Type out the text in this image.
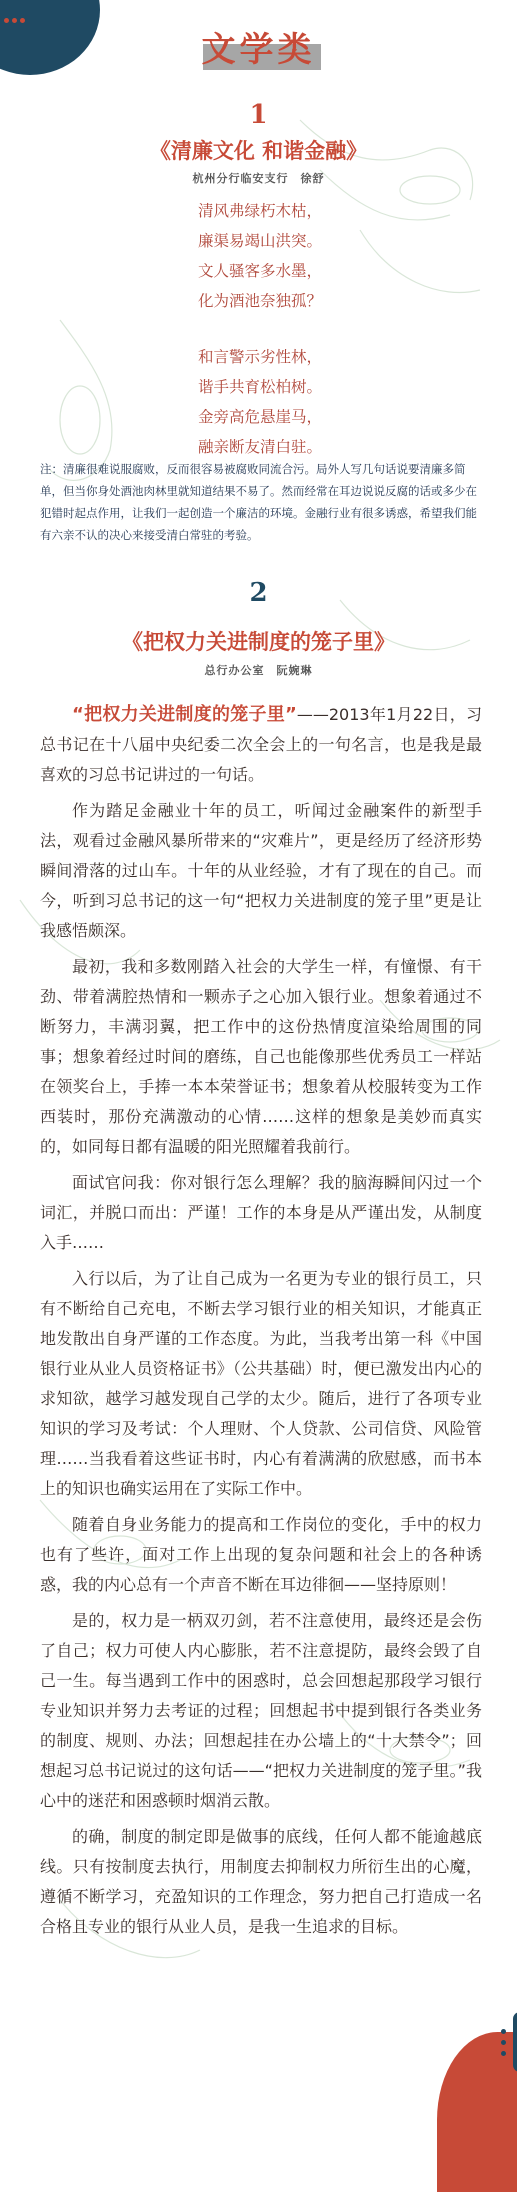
文学类
1
《清廉文化 和谐金融》
杭州分行临安支行　徐舒
清风弗绿朽木枯，
廉渠易竭山洪突。
文人骚客多水墨，
化为酒池奈独孤？
和言警示劣性林，
谐手共育松柏树。
金旁高危悬崖马，
融亲断友清白驻。
注：清廉很难说服腐败，反而很容易被腐败同流合污。局外人写几句话说要清廉多简单，但当你身处酒池肉林里就知道结果不易了。然而经常在耳边说说反腐的话或多少在犯错时起点作用，让我们一起创造一个廉洁的环境。金融行业有很多诱惑，希望我们能有六亲不认的决心来接受清白常驻的考验。
2
《把权力关进制度的笼子里》
总行办公室　阮婉琳

“把权力关进制度的笼子里”——2013年1月22日，习总书记在十八届中央纪委二次全会上的一句名言，也是我是最喜欢的习总书记讲过的一句话。

作为踏足金融业十年的员工，听闻过金融案件的新型手法，观看过金融风暴所带来的“灾难片”，更是经历了经济形势瞬间滑落的过山车。十年的从业经验，才有了现在的自己。而今，听到习总书记的这一句“把权力关进制度的笼子里”更是让我感悟颇深。

最初，我和多数刚踏入社会的大学生一样，有憧憬、有干劲、带着满腔热情和一颗赤子之心加入银行业。想象着通过不断努力，丰满羽翼，把工作中的这份热情度渲染给周围的同事；想象着经过时间的磨练，自己也能像那些优秀员工一样站在领奖台上，手捧一本本荣誉证书；想象着从校服转变为工作西装时，那份充满激动的心情……这样的想象是美妙而真实的，如同每日都有温暖的阳光照耀着我前行。

面试官问我：你对银行怎么理解？我的脑海瞬间闪过一个词汇，并脱口而出：严谨！工作的本身是从严谨出发，从制度入手……

入行以后，为了让自己成为一名更为专业的银行员工，只有不断给自己充电，不断去学习银行业的相关知识，才能真正地发散出自身严谨的工作态度。为此，当我考出第一科《中国银行业从业人员资格证书》（公共基础）时，便已激发出内心的求知欲，越学习越发现自己学的太少。随后，进行了各项专业知识的学习及考试：个人理财、个人贷款、公司信贷、风险管理……当我看着这些证书时，内心有着满满的欣慰感，而书本上的知识也确实运用在了实际工作中。

随着自身业务能力的提高和工作岗位的变化，手中的权力也有了些许，面对工作上出现的复杂问题和社会上的各种诱惑，我的内心总有一个声音不断在耳边徘徊——坚持原则！

是的，权力是一柄双刃剑，若不注意使用，最终还是会伤了自己；权力可使人内心膨胀，若不注意提防，最终会毁了自己一生。每当遇到工作中的困惑时，总会回想起那段学习银行专业知识并努力去考证的过程；回想起书中提到银行各类业务的制度、规则、办法；回想起挂在办公墙上的“十大禁令”；回想起习总书记说过的这句话——“把权力关进制度的笼子里。”我心中的迷茫和困惑顿时烟消云散。

的确，制度的制定即是做事的底线，任何人都不能逾越底线。只有按制度去执行，用制度去抑制权力所衍生出的心魔，遵循不断学习，充盈知识的工作理念，努力把自己打造成一名合格且专业的银行从业人员，是我一生追求的目标。
